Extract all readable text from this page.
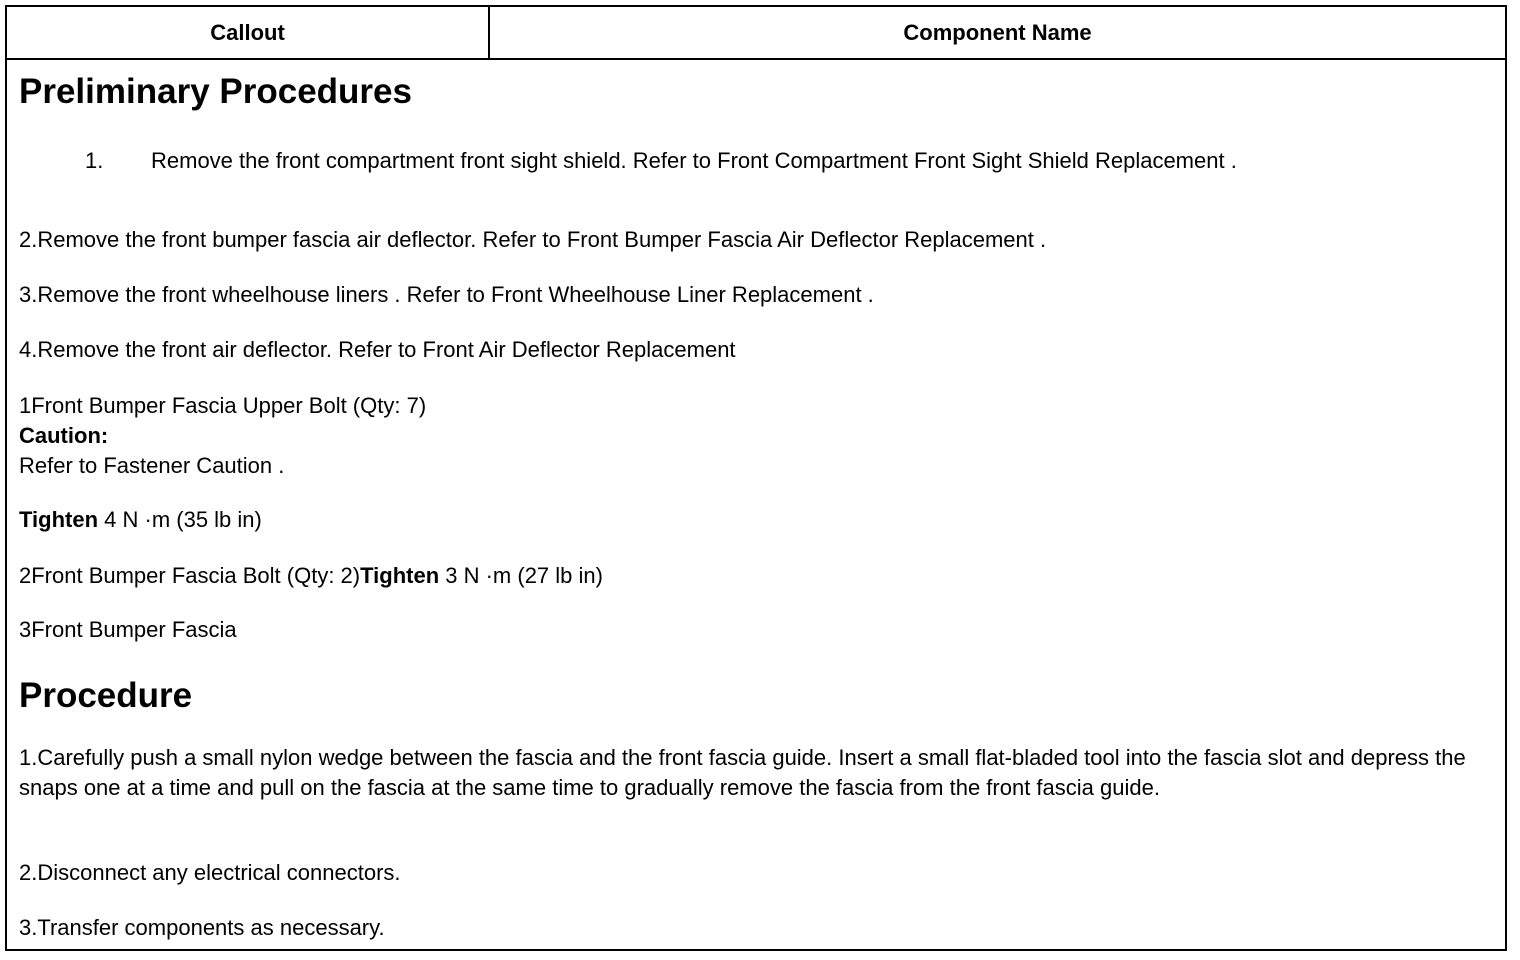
Callout	Component Name
Preliminary Procedures
1. Remove the front compartment front sight shield. Refer to Front Compartment Front Sight Shield Replacement .
2.Remove the front bumper fascia air deflector. Refer to Front Bumper Fascia Air Deflector Replacement .
3.Remove the front wheelhouse liners . Refer to Front Wheelhouse Liner Replacement .
4.Remove the front air deflector. Refer to Front Air Deflector Replacement
1Front Bumper Fascia Upper Bolt (Qty: 7)
Caution:
Refer to Fastener Caution .
Tighten 4 N ·m (35 lb in)
2Front Bumper Fascia Bolt (Qty: 2)Tighten 3 N ·m (27 lb in)
3Front Bumper Fascia
Procedure
1.Carefully push a small nylon wedge between the fascia and the front fascia guide. Insert a small flat-bladed tool into the fascia slot and depress the snaps one at a time and pull on the fascia at the same time to gradually remove the fascia from the front fascia guide.
2.Disconnect any electrical connectors.
3.Transfer components as necessary.
